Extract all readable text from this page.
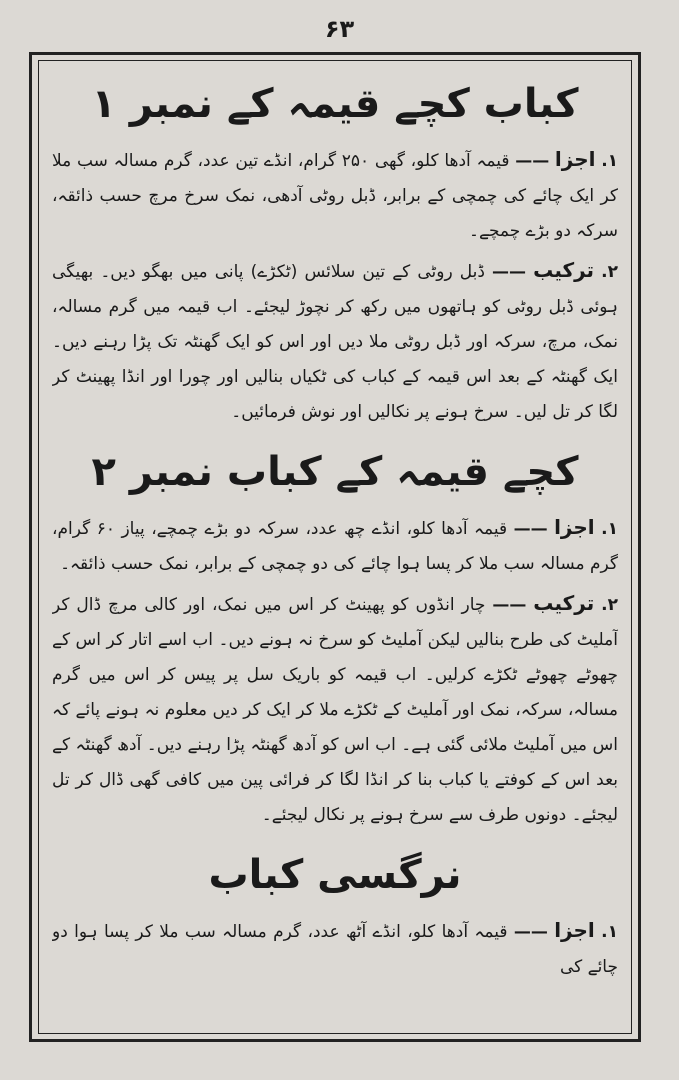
۶۳
کباب کچے قیمہ کے نمبر ۱

۱. اجزا —— قیمہ آدھا کلو، گھی ۲۵۰ گرام، انڈے تین عدد، گرم مسالہ سب ملا کر ایک چائے کی چمچی کے برابر، ڈبل روٹی آدھی، نمک سرخ مرچ حسب ذائقہ، سرکہ دو بڑے چمچے۔

۲. ترکیب —— ڈبل روٹی کے تین سلائس (ٹکڑے) پانی میں بھگو دیں۔ بھیگی ہوئی ڈبل روٹی کو ہاتھوں میں رکھ کر نچوڑ لیجئے۔ اب قیمہ میں گرم مسالہ، نمک، مرچ، سرکہ اور ڈبل روٹی ملا دیں اور اس کو ایک گھنٹہ تک پڑا رہنے دیں۔ ایک گھنٹہ کے بعد اس قیمہ کے کباب کی ٹکیاں بنالیں اور چورا اور انڈا پھینٹ کر لگا کر تل لیں۔ سرخ ہونے پر نکالیں اور نوش فرمائیں۔

کچے قیمہ کے کباب نمبر ۲

۱. اجزا —— قیمہ آدھا کلو، انڈے چھ عدد، سرکہ دو بڑے چمچے، پیاز ۶۰ گرام، گرم مسالہ سب ملا کر پسا ہوا چائے کی دو چمچی کے برابر، نمک حسب ذائقہ۔

۲. ترکیب —— چار انڈوں کو پھینٹ کر اس میں نمک، اور کالی مرچ ڈال کر آملیٹ کی طرح بنالیں لیکن آملیٹ کو سرخ نہ ہونے دیں۔ اب اسے اتار کر اس کے چھوٹے چھوٹے ٹکڑے کرلیں۔ اب قیمہ کو باریک سل پر پیس کر اس میں گرم مسالہ، سرکہ، نمک اور آملیٹ کے ٹکڑے ملا کر ایک کر دیں معلوم نہ ہونے پائے کہ اس میں آملیٹ ملائی گئی ہے۔ اب اس کو آدھ گھنٹہ پڑا رہنے دیں۔ آدھ گھنٹہ کے بعد اس کے کوفتے یا کباب بنا کر انڈا لگا کر فرائی پین میں کافی گھی ڈال کر تل لیجئے۔ دونوں طرف سے سرخ ہونے پر نکال لیجئے۔

نرگسی کباب

۱. اجزا —— قیمہ آدھا کلو، انڈے آٹھ عدد، گرم مسالہ سب ملا کر پسا ہوا دو چائے کی
